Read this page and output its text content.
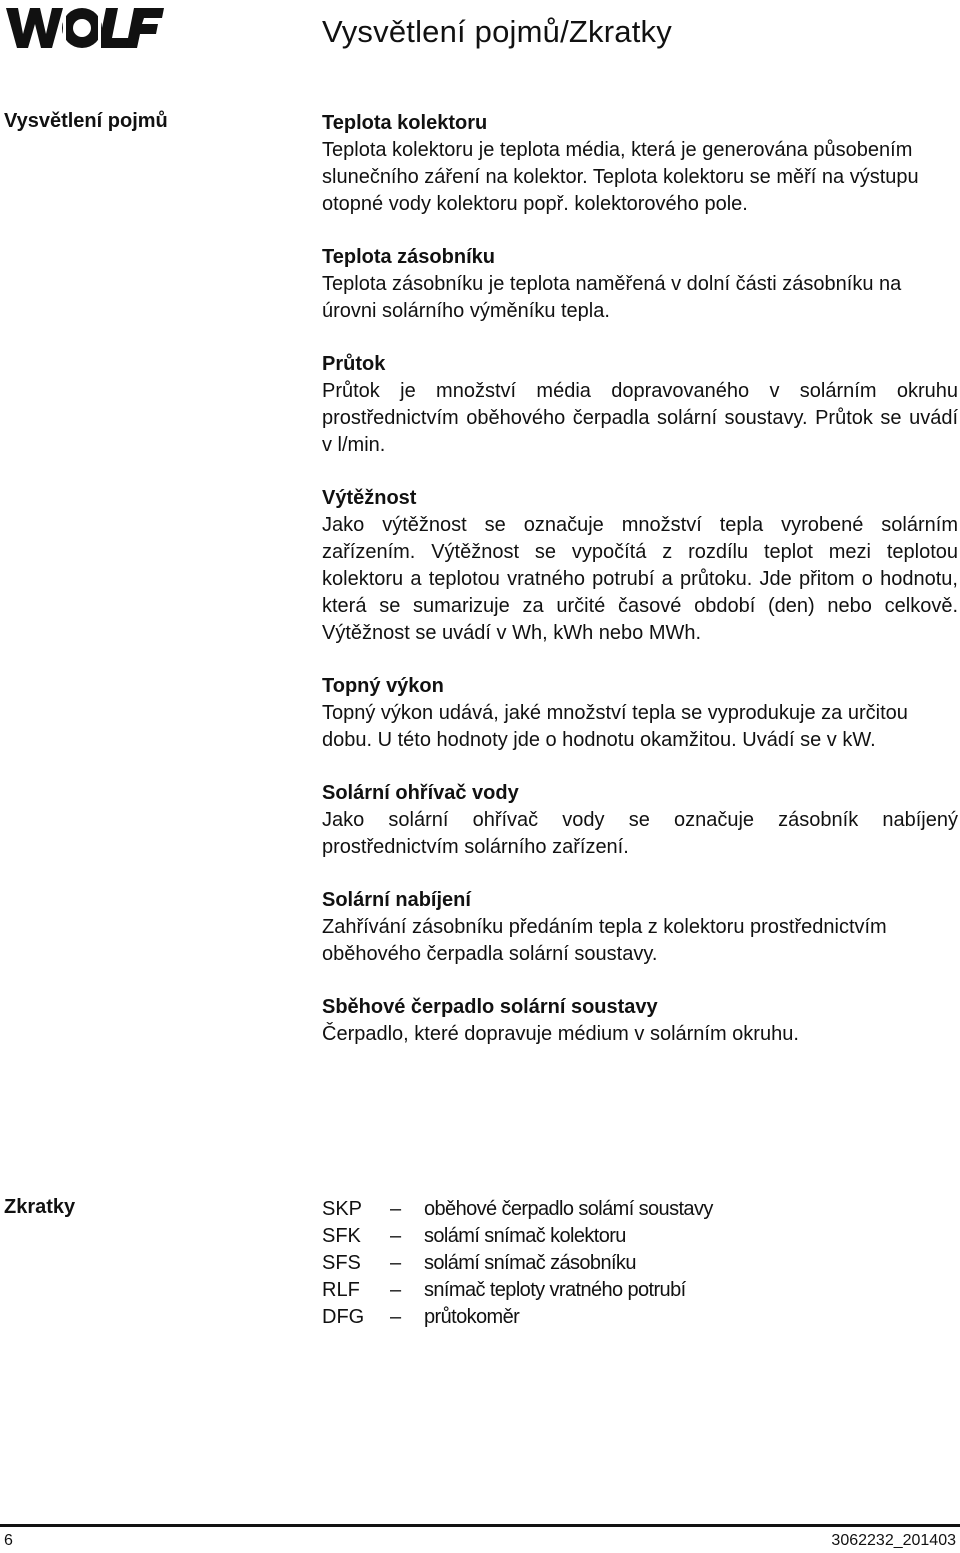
Vysvětlení pojmů/Zkratky
Vysvětlení pojmů	Teplota kolektoru
Teplota kolektoru je teplota média, která je generována působením slunečního záření na kolektor. Teplota kolektoru se měří na výstupu otopné vody kolektoru popř. kolektorového pole.
Teplota zásobníku
Teplota zásobníku je teplota naměřená v dolní části zásobníku na úrovni solárního výměníku tepla.
Průtok
Průtok je množství média dopravovaného v solárním okruhu prostřednictvím oběhového čerpadla solární soustavy. Průtok se uvádí v l/min.
Výtěžnost
Jako výtěžnost se označuje množství tepla vyrobené solárním zařízením. Výtěžnost se vypočítá z rozdílu teplot mezi teplotou kolektoru a teplotou vratného potrubí a průtoku. Jde přitom o hodnotu, která se sumarizuje za určité časové období (den) nebo celkově. Výtěžnost se uvádí v Wh, kWh nebo MWh.
Topný výkon
Topný výkon udává, jaké množství tepla se vyprodukuje za určitou dobu. U této hodnoty jde o hodnotu okamžitou. Uvádí se v kW.
Solární ohřívač vody
Jako solární ohřívač vody se označuje zásobník nabíjený prostřednictvím solárního zařízení.
Solární nabíjení
Zahřívání zásobníku předáním tepla z kolektoru prostřednictvím oběhového čerpadla solární soustavy.
Sběhové čerpadlo solární soustavy
Čerpadlo, které dopravuje médium v solárním okruhu.
Zkratky	SKP	–	oběhové čerpadlo solámí soustavy
SFK	–	solámí snímač kolektoru
SFS	–	solámí snímač zásobníku
RLF	–	snímač teploty vratného potrubí
DFG	–	průtokoměr
6	3062232_201403
